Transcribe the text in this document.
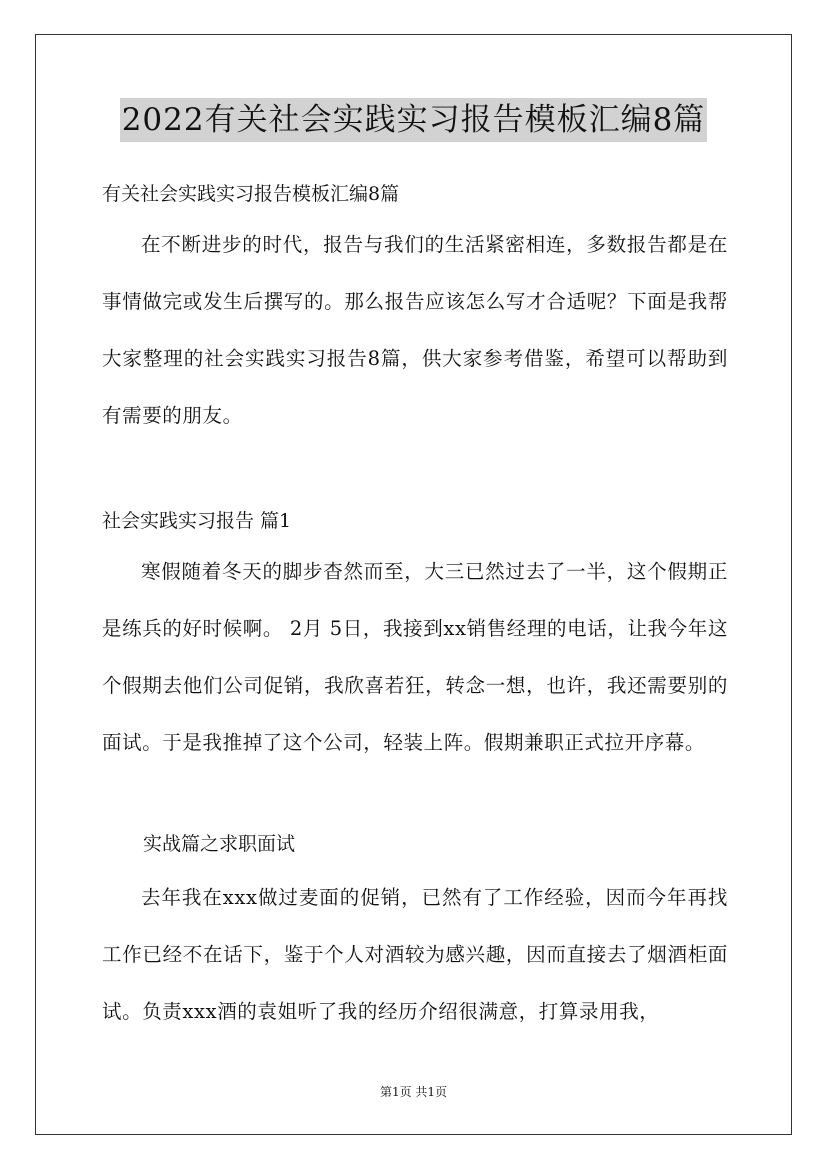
2022有关社会实践实习报告模板汇编8篇
有关社会实践实习报告模板汇编8篇

在不断进步的时代，报告与我们的生活紧密相连，多数报告都是在事情做完或发生后撰写的。那么报告应该怎么写才合适呢？下面是我帮大家整理的社会实践实习报告8篇，供大家参考借鉴，希望可以帮助到有需要的朋友。

社会实践实习报告 篇1

寒假随着冬天的脚步杳然而至，大三已然过去了一半，这个假期正是练兵的好时候啊。 2月 5日，我接到xx销售经理的电话，让我今年这个假期去他们公司促销，我欣喜若狂，转念一想，也许，我还需要别的面试。于是我推掉了这个公司，轻装上阵。假期兼职正式拉开序幕。

实战篇之求职面试

去年我在xxx做过麦面的促销，已然有了工作经验，因而今年再找工作已经不在话下，鉴于个人对酒较为感兴趣，因而直接去了烟酒柜面试。负责xxx酒的袁姐听了我的经历介绍很满意，打算录用我，

第1页 共1页
